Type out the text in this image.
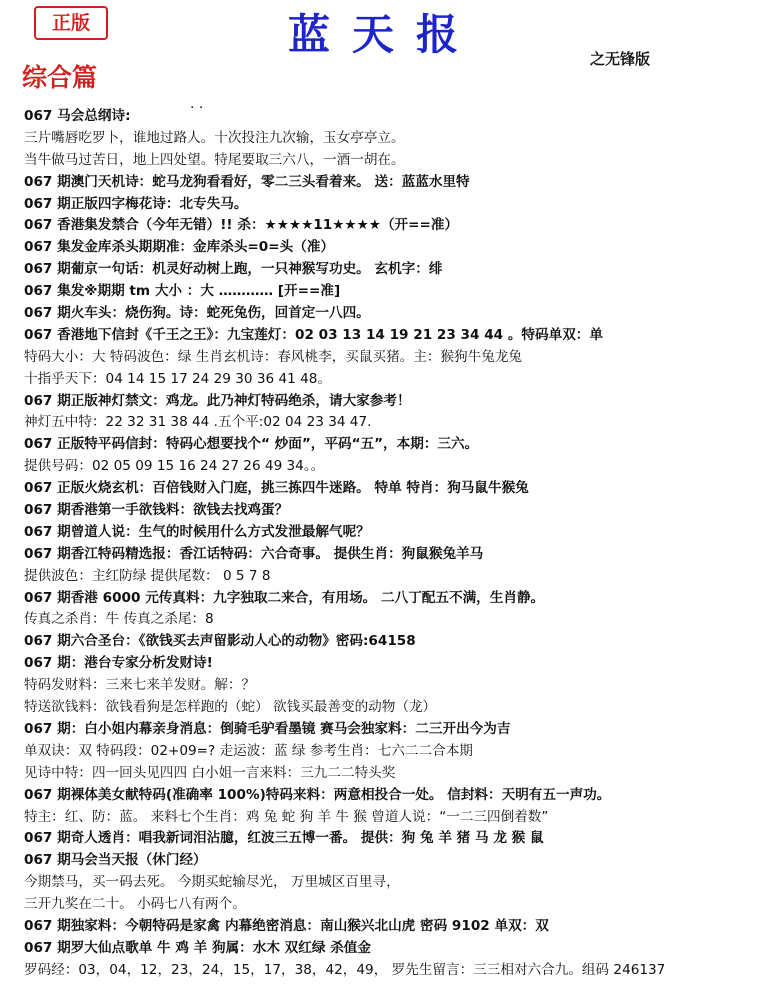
正版	蓝天报	之无锋版
综合篇
. .
067 马会总纲诗:
三片嘴唇吃罗卜，谁地过路人。十次投注九次输，玉女亭亭立。
当牛做马过苦日，地上四处望。特尾要取三六八，一酒一胡在。
067 期澳门天机诗：蛇马龙狗看看好，零二三头看着来。 送：蓝蓝水里特
067 期正版四字梅花诗：北专失马。
067 香港集发禁合（今年无错）!! 杀：★★★★11★★★★（开==准）
067 集发金库杀头期期准：金库杀头=0=头（准）
067 期葡京一句话：机灵好动树上跑，一只神猴写功史。 玄机字：绯
067 集发※期期 tm 大小 ：大 ………… [开==准]
067 期火车头：烧伤狗。诗：蛇死兔伤，回首定一八四。
067 香港地下信封《千王之王》：九宝莲灯：02 03 13 14 19 21 23 34 44 。特码单双：单
特码大小：大 特码波色：绿 生肖玄机诗：春风桃李，买鼠买猪。主：猴狗牛兔龙兔
十指乎天下：04 14 15 17 24 29 30 36 41 48。
067 期正版神灯禁文：鸡龙。此乃神灯特码绝杀，请大家参考！
神灯五中特：22 32 31 38 44 .五个平:02 04 23 34 47.
067 正版特平码信封：特码心想要找个“ 炒面”，平码“五”，本期：三六。
提供号码：02 05 09 15 16 24 27 26 49 34。。
067 正版火烧玄机：百倍钱财入门庭，挑三拣四牛迷路。 特单 特肖：狗马鼠牛猴兔
067 期香港第一手欲钱料：欲钱去找鸡蛋？
067 期曾道人说：生气的时候用什么方式发泄最解气呢？
067 期香江特码精选报：香江话特码：六合奇事。 提供生肖：狗鼠猴兔羊马
提供波色：主红防绿 提供尾数： 0 5 7 8
067 期香港 6000 元传真料：九字独取二来合，有用场。 二八丁配五不满，生肖静。
传真之杀肖：牛 传真之杀尾：8
067 期六合圣台：《欲钱买去声留影动人心的动物》密码:64158
067 期：港台专家分析发财诗!
特码发财料：三来七来羊发财。解：？
特送欲钱料：欲钱看狗是怎样跑的（蛇） 欲钱买最善变的动物（龙）
067 期：白小姐内幕亲身消息：倒骑毛驴看墨镜 赛马会独家料：二三开出今为吉
单双诀：双 特码段：02+09=? 走运波：蓝 绿 参考生肖：七六二二合本期
见诗中特：四一回头见四四 白小姐一言来料：三九二二特头奖
067 期裸体美女献特码(准确率 100%)特码来料：两意相投合一处。 信封料：天明有五一声功。
特主：红、防：蓝。 来料七个生肖：鸡 兔 蛇 狗 羊 牛 猴 曾道人说：“一二三四倒着数”
067 期奇人透肖：唱我新词泪沾臆，红波三五博一番。 提供：狗 兔 羊 猪 马 龙 猴 鼠
067 期马会当天报（休门经）
今期禁马，买一码去死。 今期买蛇输尽光， 万里城区百里寻，
三开九奖在二十。 小码七八有两个。
067 期独家料：今朝特码是家禽 内幕绝密消息：南山猴兴北山虎 密码 9102 单双：双
067 期罗大仙点歌单 牛 鸡 羊 狗属：水木 双红绿 杀值金
罗码经：03，04，12，23，24，15，17，38，42，49， 罗先生留言：三三相对六合九。组码 246137
